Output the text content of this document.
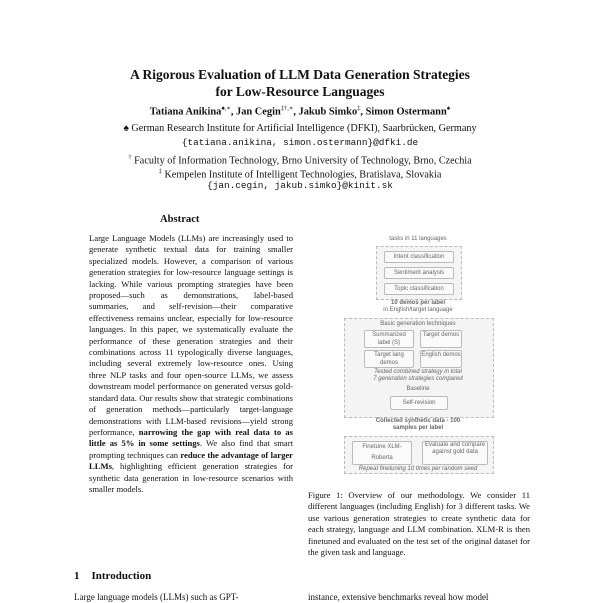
A Rigorous Evaluation of LLM Data Generation Strategies
for Low-Resource Languages
Tatiana Anikina♠,∗, Jan Cegin‡†,∗, Jakub Simko‡, Simon Ostermann♠
♠ German Research Institute for Artificial Intelligence (DFKI), Saarbrücken, Germany
{tatiana.anikina, simon.ostermann}@dfki.de
† Faculty of Information Technology, Brno University of Technology, Brno, Czechia
‡ Kempelen Institute of Intelligent Technologies, Bratislava, Slovakia
{jan.cegin, jakub.simko}@kinit.sk
Abstract
Large Language Models (LLMs) are increasingly used to generate synthetic textual data for training smaller specialized models. However, a comparison of various generation strategies for low-resource language settings is lacking. While various prompting strategies have been proposed—such as demonstrations, label-based summaries, and self-revision—their comparative effectiveness remains unclear, especially for low-resource languages. In this paper, we systematically evaluate the performance of these generation strategies and their combinations across 11 typologically diverse languages, including several extremely low-resource ones. Using three NLP tasks and four open-source LLMs, we assess downstream model performance on generated versus gold-standard data. Our results show that strategic combinations of generation methods—particularly target-language demonstrations with LLM-based revisions—yield strong performance, narrowing the gap with real data to as little as 5% in some settings. We also find that smart prompting techniques can reduce the advantage of larger LLMs, highlighting efficient generation strategies for synthetic data generation in low-resource scenarios with smaller models.
tasks in 11 languages
Intent classification
Sentiment analysis
Topic classification
10 demos per label
in English/target language
Basic generation techniques
Summarized label (S)
Target demos
Target lang demos
English demos
Tested combined strategy in total
7 generation strategies compared
Baseline
Self-revision
Collected synthetic data - 100
samples per label
Finetune XLM-Roberta
Evaluate and compare against gold data
Repeat finetuning 10 times per random seed
Figure 1: Overview of our methodology. We consider 11 different languages (including English) for 3 different tasks. We use various generation strategies to create synthetic data for each strategy, language and LLM combination. XLM-R is then finetuned and evaluated on the test set of the original dataset for the given task and language.
1 Introduction
Large language models (LLMs) such as GPT-	instance, extensive benchmarks reveal how model
